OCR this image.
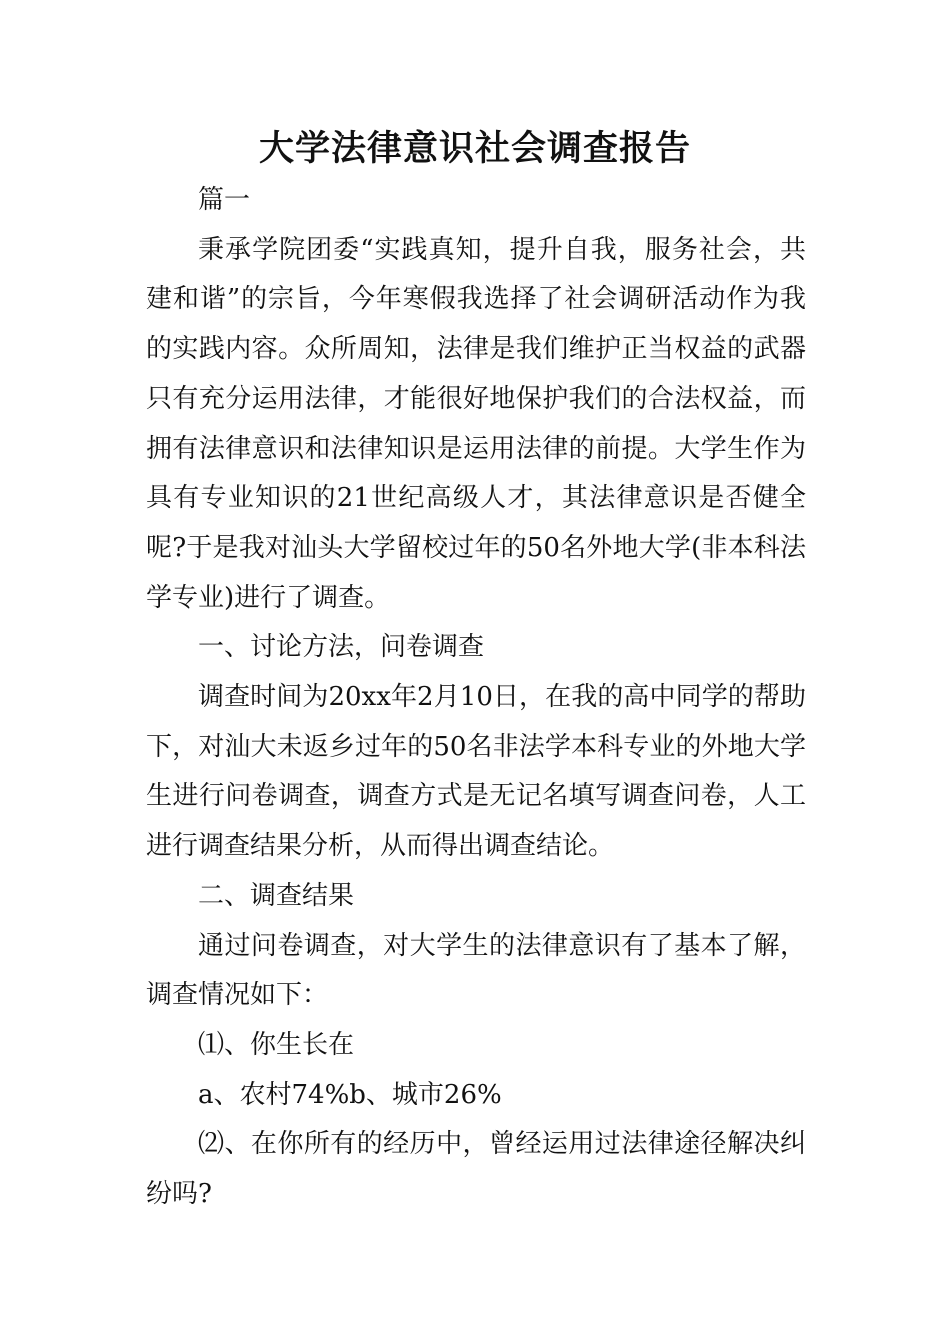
大学法律意识社会调查报告

篇一

秉承学院团委“实践真知，提升自我，服务社会，共建和谐”的宗旨，今年寒假我选择了社会调研活动作为我的实践内容。众所周知，法律是我们维护正当权益的武器只有充分运用法律，才能很好地保护我们的合法权益，而拥有法律意识和法律知识是运用法律的前提。大学生作为具有专业知识的21世纪高级人才，其法律意识是否健全呢?于是我对汕头大学留校过年的50名外地大学(非本科法学专业)进行了调查。

一、讨论方法，问卷调查

调查时间为20xx年2月10日，在我的高中同学的帮助下，对汕大未返乡过年的50名非法学本科专业的外地大学生进行问卷调查，调查方式是无记名填写调查问卷，人工进行调查结果分析，从而得出调查结论。

二、调查结果

通过问卷调查，对大学生的法律意识有了基本了解，调查情况如下：

⑴、你生长在

a、农村74%b、城市26%

⑵、在你所有的经历中，曾经运用过法律途径解决纠纷吗?
